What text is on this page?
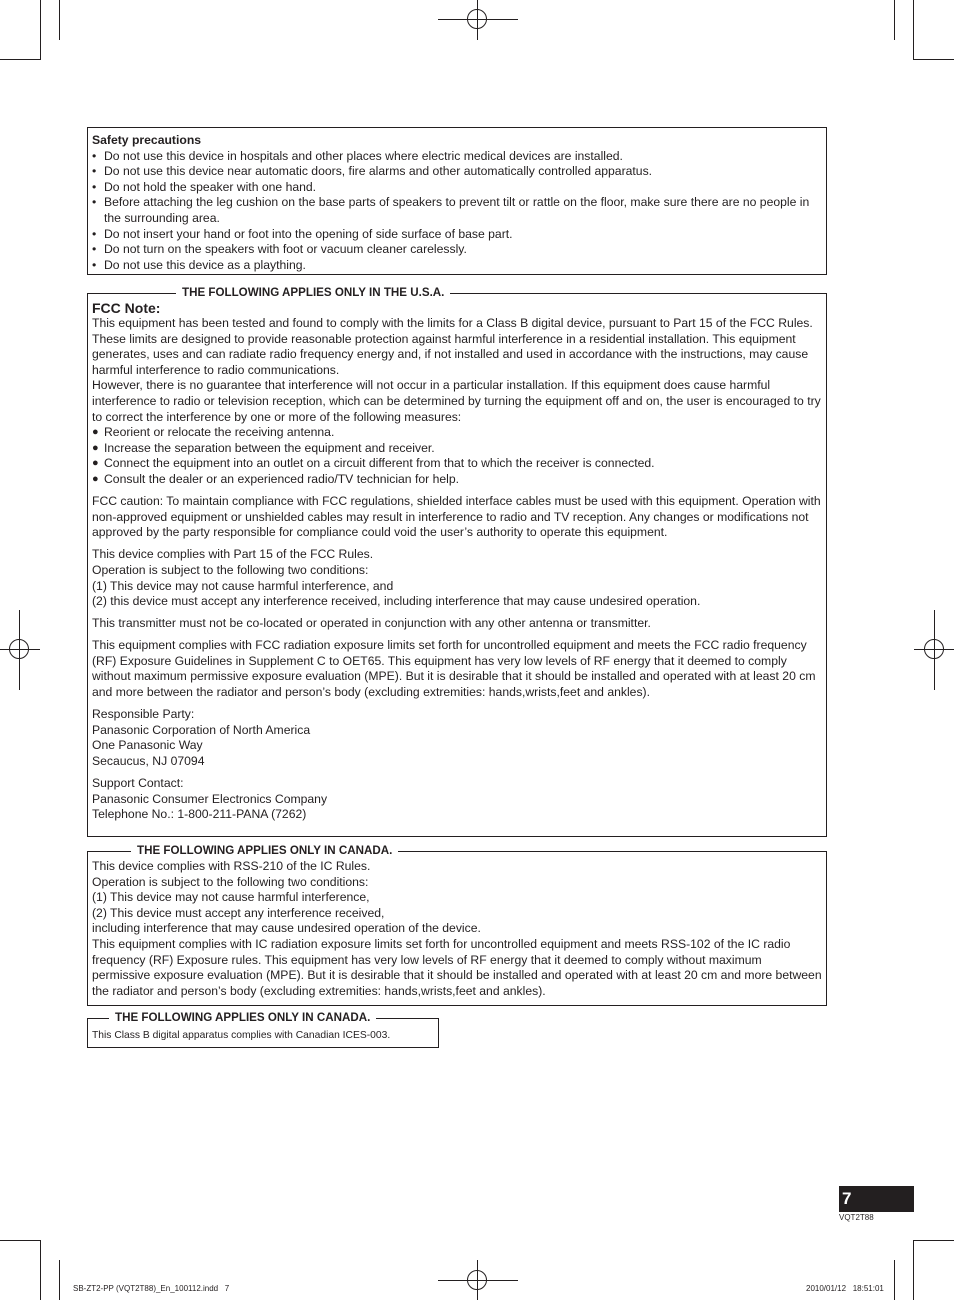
Safety precautions

• Do not use this device in hospitals and other places where electric medical devices are installed.
• Do not use this device near automatic doors, fire alarms and other automatically controlled apparatus.
• Do not hold the speaker with one hand.
• Before attaching the leg cushion on the base parts of speakers to prevent tilt or rattle on the floor, make sure there are no people in the surrounding area.
• Do not insert your hand or foot into the opening of side surface of base part.
• Do not turn on the speakers with foot or vacuum cleaner carelessly.
• Do not use this device as a plaything.
THE FOLLOWING APPLIES ONLY IN THE U.S.A.

FCC Note:

This equipment has been tested and found to comply with the limits for a Class B digital device, pursuant to Part 15 of the FCC Rules. These limits are designed to provide reasonable protection against harmful interference in a residential installation. This equipment generates, uses and can radiate radio frequency energy and, if not installed and used in accordance with the instructions, may cause harmful interference to radio communications.

However, there is no guarantee that interference will not occur in a particular installation. If this equipment does cause harmful interference to radio or television reception, which can be determined by turning the equipment off and on, the user is encouraged to try to correct the interference by one or more of the following measures:

● Reorient or relocate the receiving antenna.
● Increase the separation between the equipment and receiver.
● Connect the equipment into an outlet on a circuit different from that to which the receiver is connected.
● Consult the dealer or an experienced radio/TV technician for help.

FCC caution: To maintain compliance with FCC regulations, shielded interface cables must be used with this equipment. Operation with non-approved equipment or unshielded cables may result in interference to radio and TV reception. Any changes or modifications not approved by the party responsible for compliance could void the user’s authority to operate this equipment.

This device complies with Part 15 of the FCC Rules.

Operation is subject to the following two conditions:

(1) This device may not cause harmful interference, and

(2) this device must accept any interference received, including interference that may cause undesired operation.

This transmitter must not be co-located or operated in conjunction with any other antenna or transmitter.

This equipment complies with FCC radiation exposure limits set forth for uncontrolled equipment and meets the FCC radio frequency (RF) Exposure Guidelines in Supplement C to OET65. This equipment has very low levels of RF energy that it deemed to comply without maximum permissive exposure evaluation (MPE). But it is desirable that it should be installed and operated with at least 20 cm and more between the radiator and person’s body (excluding extremities: hands,wrists,feet and ankles).

Responsible Party:

Panasonic Corporation of North America

One Panasonic Way

Secaucus, NJ 07094

Support Contact:

Panasonic Consumer Electronics Company

Telephone No.: 1-800-211-PANA (7262)

THE FOLLOWING APPLIES ONLY IN CANADA.

This device complies with RSS-210 of the IC Rules.

Operation is subject to the following two conditions:

(1) This device may not cause harmful interference,

(2) This device must accept any interference received,

including interference that may cause undesired operation of the device.

This equipment complies with IC radiation exposure limits set forth for uncontrolled equipment and meets RSS-102 of the IC radio frequency (RF) Exposure rules. This equipment has very low levels of RF energy that it deemed to comply without maximum permissive exposure evaluation (MPE). But it is desirable that it should be installed and operated with at least 20 cm and more between the radiator and person’s body (excluding extremities: hands,wrists,feet and ankles).

THE FOLLOWING APPLIES ONLY IN CANADA.

This Class B digital apparatus complies with Canadian ICES-003.

7
VQT2T88
SB-ZT2-PP (VQT2T88)_En_100112.indd   7	2010/01/12   18:51:01
